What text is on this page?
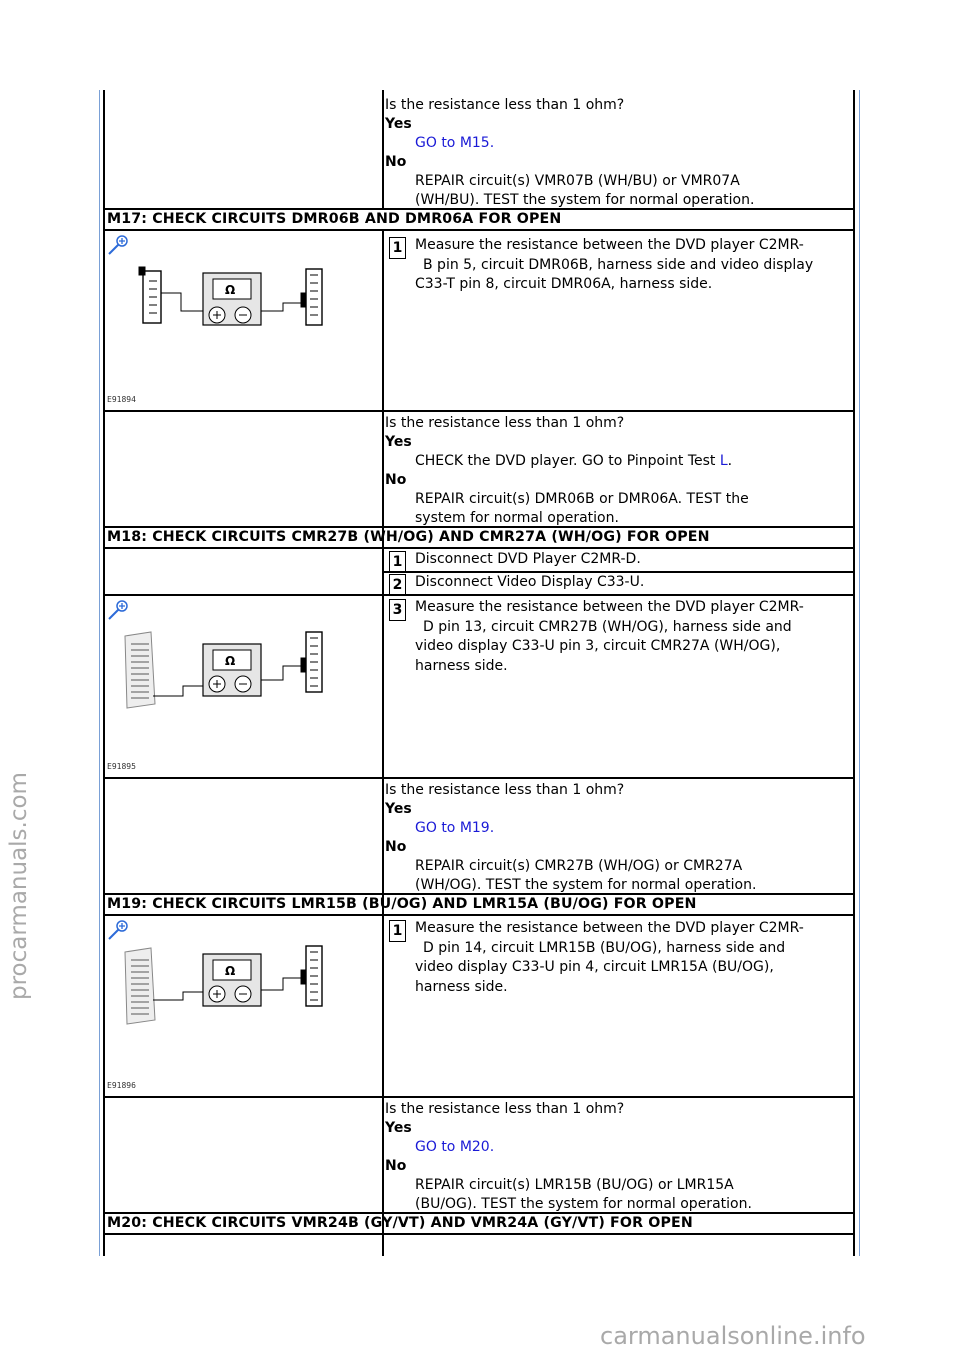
procarmanuals.com
carmanualsonline.info
Is the resistance less than 1 ohm?
Yes
GO to M15.
No
REPAIR circuit(s) VMR07B (WH/BU) or VMR07A
(WH/BU). TEST the system for normal operation.
M17: CHECK CIRCUITS DMR06B AND DMR06A FOR OPEN
Ω
E91894
1 Measure the resistance between the DVD player C2MR-
B pin 5, circuit DMR06B, harness side and video display
C33-T pin 8, circuit DMR06A, harness side.
Is the resistance less than 1 ohm?
Yes
CHECK the DVD player. GO to Pinpoint Test L.
No
REPAIR circuit(s) DMR06B or DMR06A. TEST the
system for normal operation.
M18: CHECK CIRCUITS CMR27B (WH/OG) AND CMR27A (WH/OG) FOR OPEN
1 Disconnect DVD Player C2MR-D.
2 Disconnect Video Display C33-U.
Ω
E91895
3 Measure the resistance between the DVD player C2MR-
D pin 13, circuit CMR27B (WH/OG), harness side and
video display C33-U pin 3, circuit CMR27A (WH/OG),
harness side.
Is the resistance less than 1 ohm?
Yes
GO to M19.
No
REPAIR circuit(s) CMR27B (WH/OG) or CMR27A
(WH/OG). TEST the system for normal operation.
M19: CHECK CIRCUITS LMR15B (BU/OG) AND LMR15A (BU/OG) FOR OPEN
Ω
E91896
1 Measure the resistance between the DVD player C2MR-
D pin 14, circuit LMR15B (BU/OG), harness side and
video display C33-U pin 4, circuit LMR15A (BU/OG),
harness side.
Is the resistance less than 1 ohm?
Yes
GO to M20.
No
REPAIR circuit(s) LMR15B (BU/OG) or LMR15A
(BU/OG). TEST the system for normal operation.
M20: CHECK CIRCUITS VMR24B (GY/VT) AND VMR24A (GY/VT) FOR OPEN
